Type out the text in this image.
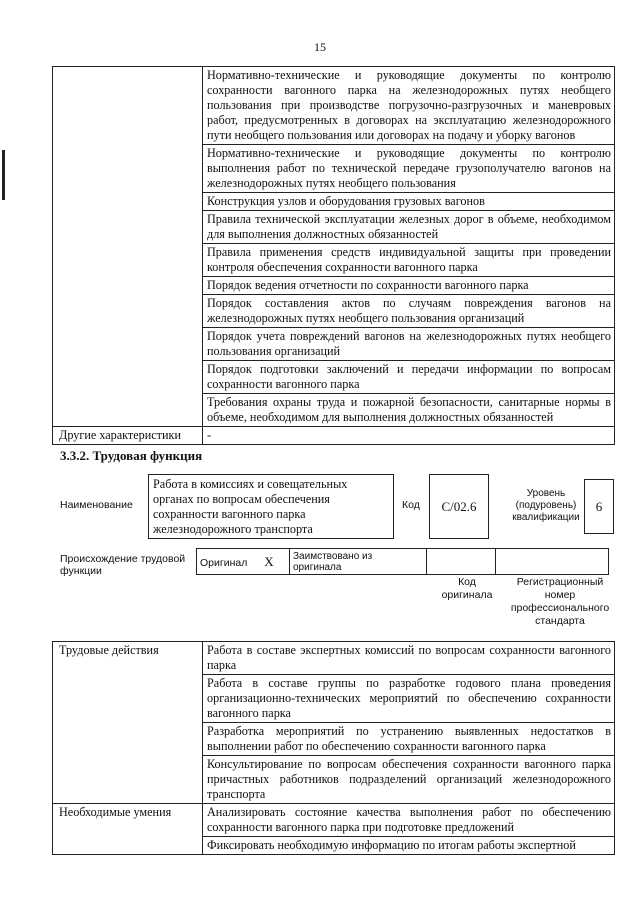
15
	Нормативно-технические и руководящие документы по контролю сохранности вагонного парка на железнодорожных путях необщего пользования при производстве погрузочно-разгрузочных и маневровых работ, предусмотренных в договорах на эксплуатацию железнодорожного пути необщего пользования или договорах на подачу и уборку вагонов
	Нормативно-технические и руководящие документы по контролю выполнения работ по технической передаче грузополучателю вагонов на железнодорожных путях необщего пользования
	Конструкция узлов и оборудования грузовых вагонов
	Правила технической эксплуатации железных дорог в объеме, необходимом для выполнения должностных обязанностей
	Правила применения средств индивидуальной защиты при проведении контроля обеспечения сохранности вагонного парка
	Порядок ведения отчетности по сохранности вагонного парка
	Порядок составления актов по случаям повреждения вагонов на железнодорожных путях необщего пользования организаций
	Порядок учета повреждений вагонов на железнодорожных путях необщего пользования организаций
	Порядок подготовки заключений и передачи информации по вопросам сохранности вагонного парка
	Требования охраны труда и пожарной безопасности, санитарные нормы в объеме, необходимом для выполнения должностных обязанностей
Другие характеристики	-
3.3.2. Трудовая функция
Наименование
Работа в комиссиях и совещательных органах по вопросам обеспечения сохранности вагонного парка железнодорожного транспорта
Код	C/02.6
Уровень (подуровень) квалификации
6
Происхождение трудовой функции
Оригинал X	Заимствовано из оригинала

Код оригинала
Регистрационный номер профессионального стандарта
Трудовые действия	Работа в составе экспертных комиссий по вопросам сохранности вагонного парка
	Работа в составе группы по разработке годового плана проведения организационно-технических мероприятий по обеспечению сохранности вагонного парка
	Разработка мероприятий по устранению выявленных недостатков в выполнении работ по обеспечению сохранности вагонного парка
	Консультирование по вопросам обеспечения сохранности вагонного парка причастных работников подразделений организаций железнодорожного транспорта
Необходимые умения	Анализировать состояние качества выполнения работ по обеспечению сохранности вагонного парка при подготовке предложений
	Фиксировать необходимую информацию по итогам работы экспертной
